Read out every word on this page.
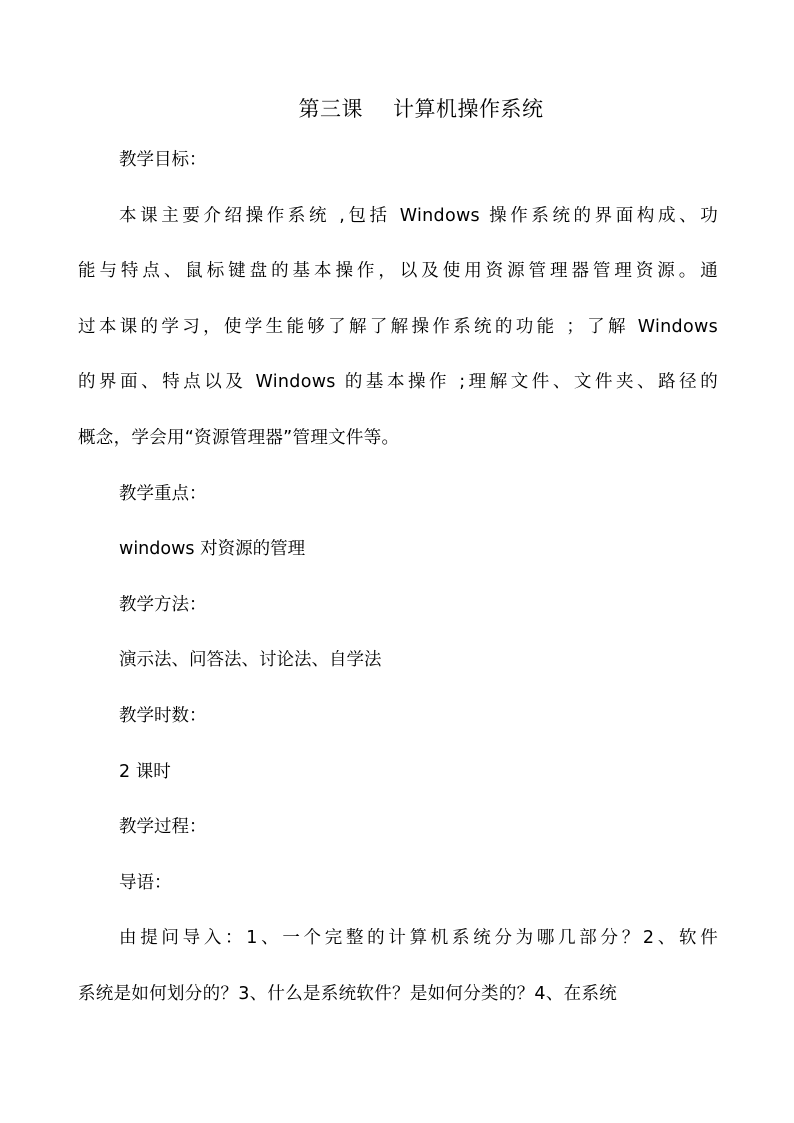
第三课 计算机操作系统

教学目标：

本课主要介绍操作系统 ,包括 Windows 操作系统的界面构成、功
能与特点、鼠标键盘的基本操作，以及使用资源管理器管理资源。通
过本课的学习，使学生能够了解了解操作系统的功能 ；了解 Windows
的界面、特点以及 Windows 的基本操作 ;理解文件、文件夹、路径的
概念，学会用“资源管理器”管理文件等。

教学重点：

windows 对资源的管理

教学方法：

演示法、问答法、讨论法、自学法

教学时数：

2 课时

教学过程：

导语：

由提问导入：1、一个完整的计算机系统分为哪几部分？2、软件
系统是如何划分的？3、什么是系统软件？是如何分类的？4、在系统
